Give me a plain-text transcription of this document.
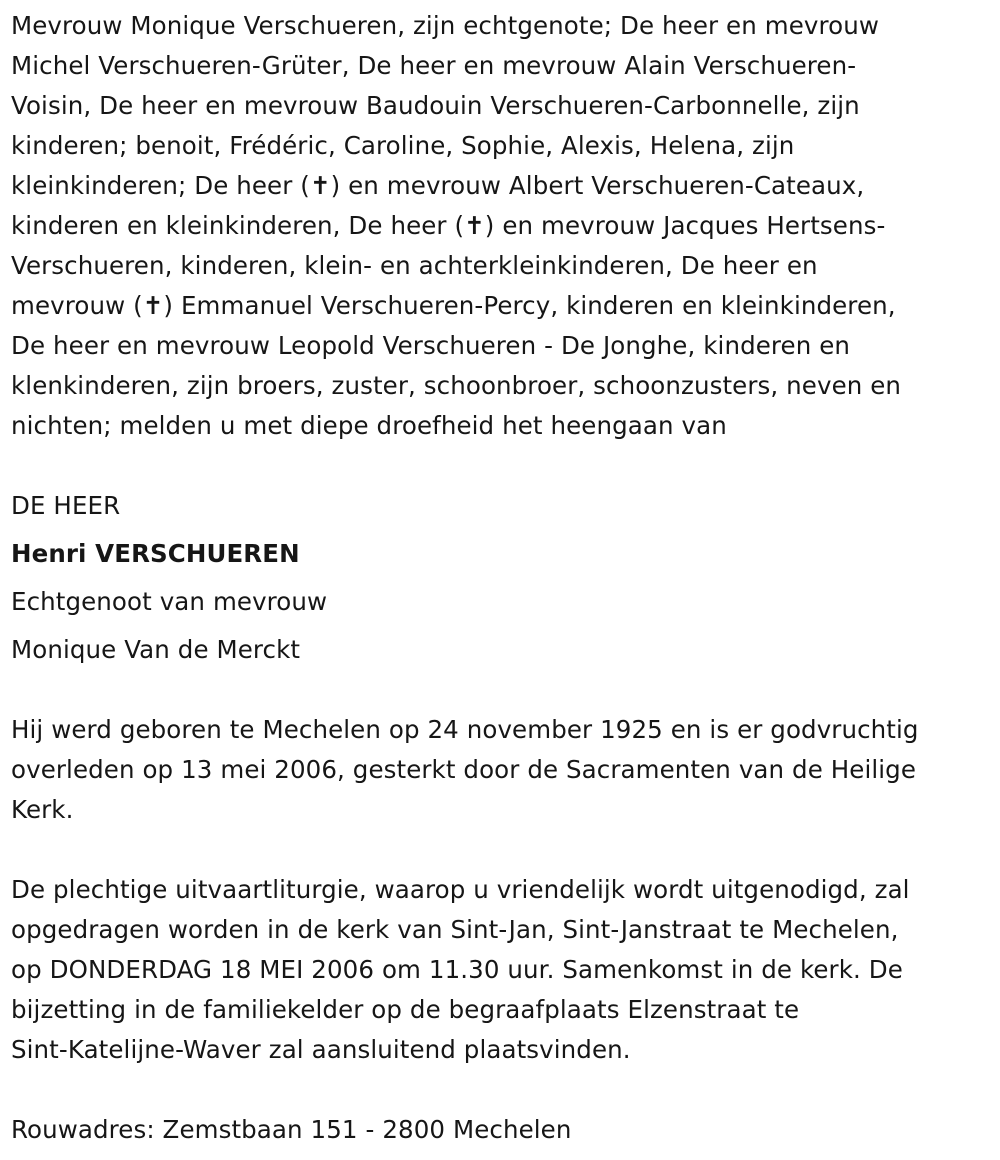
Mevrouw Monique Verschueren, zijn echtgenote; De heer en mevrouw
Michel Verschueren-Grüter, De heer en mevrouw Alain Verschueren-
Voisin, De heer en mevrouw Baudouin Verschueren-Carbonnelle, zijn
kinderen; benoit, Frédéric, Caroline, Sophie, Alexis, Helena, zijn
kleinkinderen; De heer (✝) en mevrouw Albert Verschueren-Cateaux,
kinderen en kleinkinderen, De heer (✝) en mevrouw Jacques Hertsens-
Verschueren, kinderen, klein- en achterkleinkinderen, De heer en
mevrouw (✝) Emmanuel Verschueren-Percy, kinderen en kleinkinderen,
De heer en mevrouw Leopold Verschueren - De Jonghe, kinderen en
klenkinderen, zijn broers, zuster, schoonbroer, schoonzusters, neven en
nichten; melden u met diepe droefheid het heengaan van

DE HEER

Henri VERSCHUEREN

Echtgenoot van mevrouw

Monique Van de Merckt

Hij werd geboren te Mechelen op 24 november 1925 en is er godvruchtig
overleden op 13 mei 2006, gesterkt door de Sacramenten van de Heilige
Kerk.

De plechtige uitvaartliturgie, waarop u vriendelijk wordt uitgenodigd, zal
opgedragen worden in de kerk van Sint-Jan, Sint-Janstraat te Mechelen,
op DONDERDAG 18 MEI 2006 om 11.30 uur. Samenkomst in de kerk. De
bijzetting in de familiekelder op de begraafplaats Elzenstraat te
Sint-Katelijne-Waver zal aansluitend plaatsvinden.

Rouwadres: Zemstbaan 151 - 2800 Mechelen
